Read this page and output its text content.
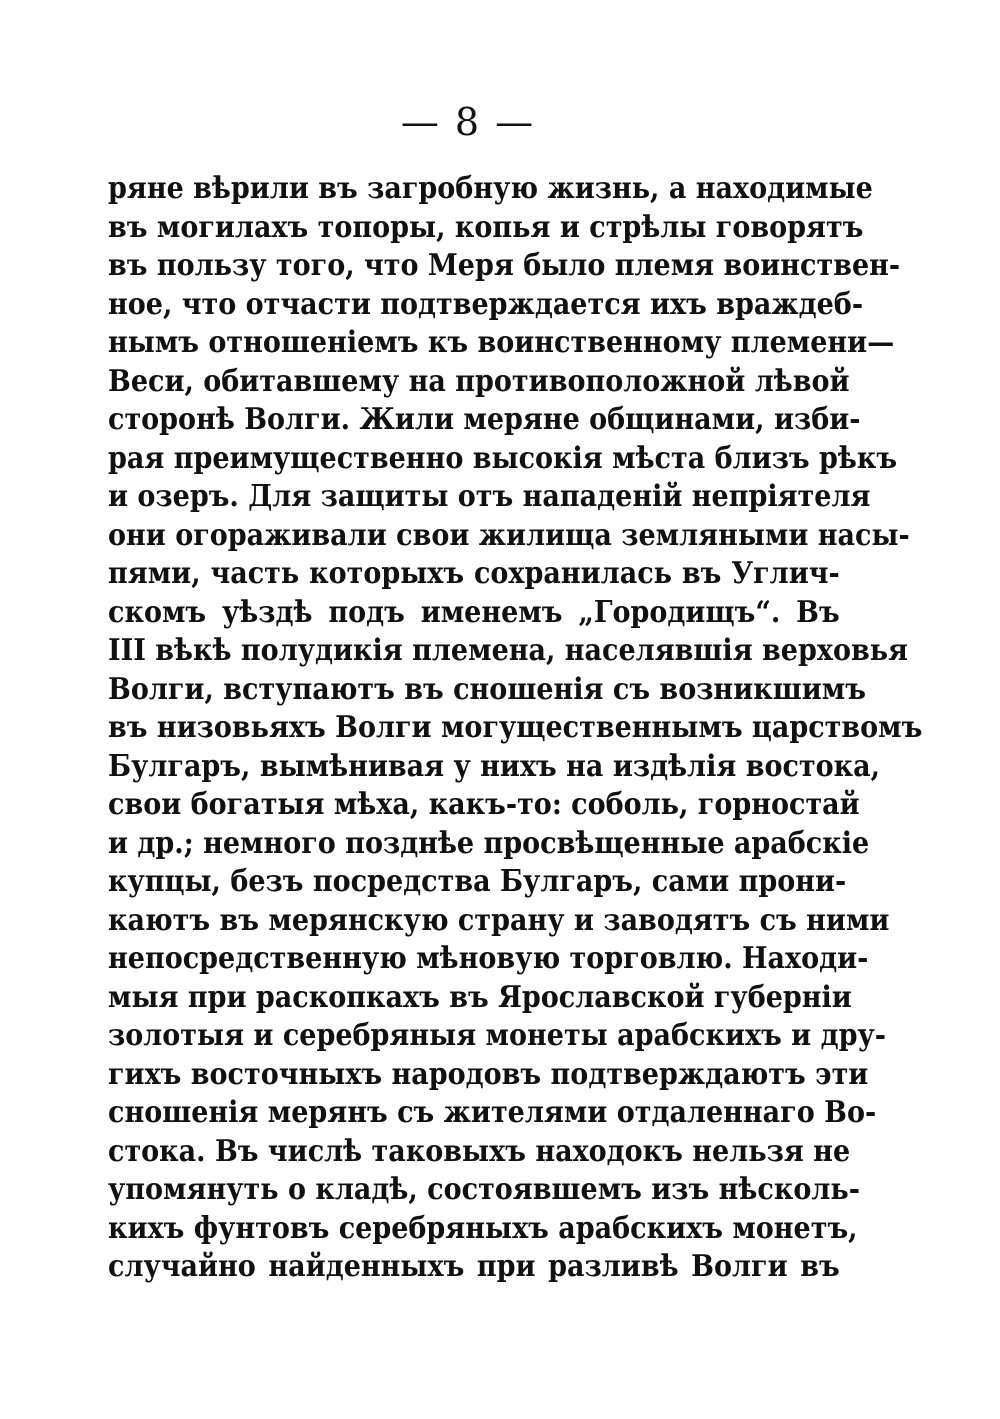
— 8 —
ряне вѣрили въ загробную жизнь, а находимые
въ могилахъ топоры, копья и стрѣлы говорятъ
въ пользу того, что Меря было племя воинствен-
ное, что отчасти подтверждается ихъ враждеб-
нымъ отношеніемъ къ воинственному племени—
Веси, обитавшему на противоположной лѣвой
сторонѣ Волги. Жили меряне общинами, изби-
рая преимущественно высокія мѣста близъ рѣкъ
и озеръ. Для защиты отъ нападеній непріятеля
они огораживали свои жилища земляными насы-
пями, часть которыхъ сохранилась въ Углич-
скомъ уѣздѣ подъ именемъ „Городищъ“. Въ
III вѣкѣ полудикія племена, населявшія верховья
Волги, вступаютъ въ сношенія съ возникшимъ
въ низовьяхъ Волги могущественнымъ царствомъ
Булгаръ, вымѣнивая у нихъ на издѣлія востока,
свои богатыя мѣха, какъ-то: соболь, горностай
и др.; немного позднѣе просвѣщенные арабскіе
купцы, безъ посредства Булгаръ, сами прони-
каютъ въ мерянскую страну и заводятъ съ ними
непосредственную мѣновую торговлю. Находи-
мыя при раскопкахъ въ Ярославской губерніи
золотыя и серебряныя монеты арабскихъ и дру-
гихъ восточныхъ народовъ подтверждаютъ эти
сношенія мерянъ съ жителями отдаленнаго Во-
стока. Въ числѣ таковыхъ находокъ нельзя не
упомянуть о кладѣ, состоявшемъ изъ нѣсколь-
кихъ фунтовъ серебряныхъ арабскихъ монетъ,
случайно найденныхъ при разливѣ Волги въ
